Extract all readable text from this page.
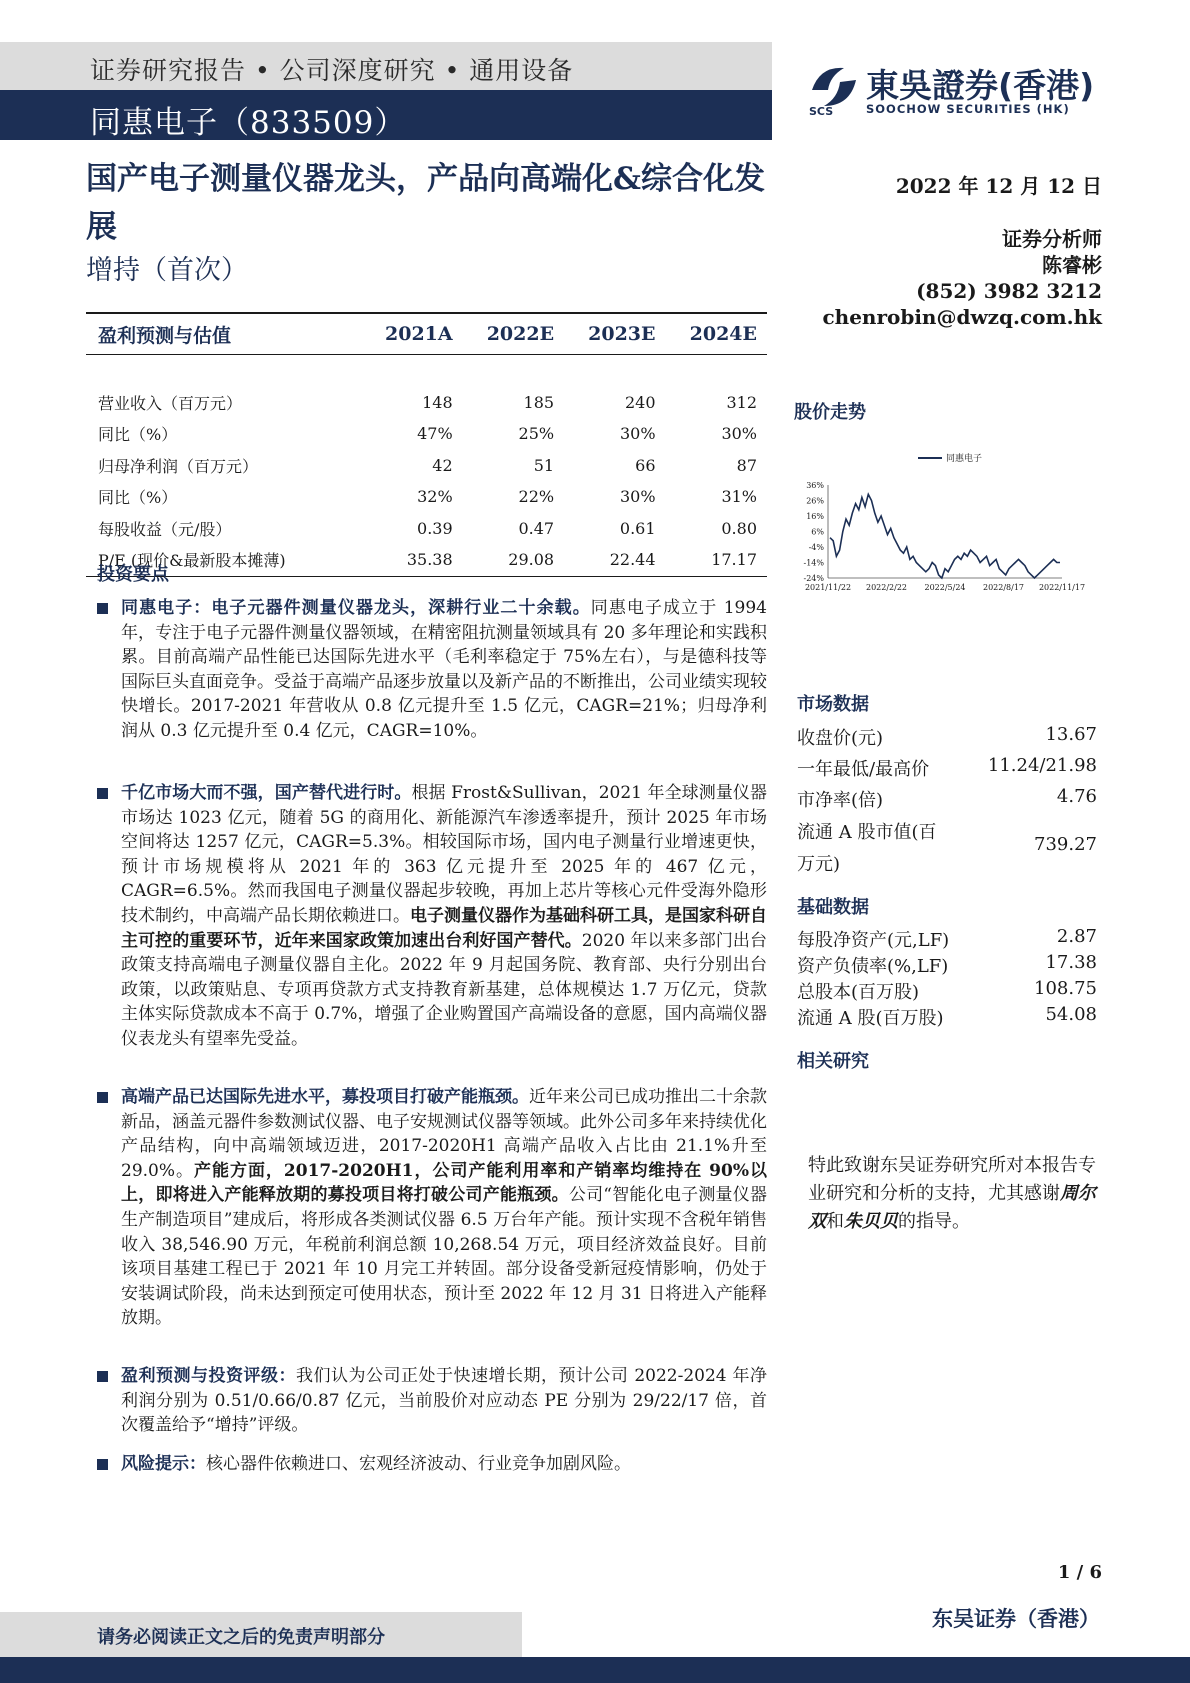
证券研究报告 • 公司深度研究 • 通用设备
同惠电子（833509）	SCS
東吳證券(香港)
SOOCHOW SECURITIES (HK)
国产电子测量仪器龙头，产品向高端化&综合化发展
增持（首次）
2022 年 12 月 12 日
证券分析师
陈睿彬
(852) 3982 3212
chenrobin@dwzq.com.hk
盈利预测与估值	2021A	2022E	2023E	2024E

营业收入（百万元）	148	185	240	312
同比（%）	47%	25%	30%	30%
归母净利润（百万元）	42	51	66	87
同比（%）	32%	22%	30%	31%
每股收益（元/股）	0.39	0.47	0.61	0.80
P/E (现价&最新股本摊薄)	35.38	29.08	22.44	17.17
投资要点
同惠电子：电子元器件测量仪器龙头，深耕行业二十余载。同惠电子成立于 1994 年，专注于电子元器件测量仪器领域，在精密阻抗测量领域具有 20 多年理论和实践积累。目前高端产品性能已达国际先进水平（毛利率稳定于 75%左右），与是德科技等国际巨头直面竞争。受益于高端产品逐步放量以及新产品的不断推出，公司业绩实现较快增长。2017-2021 年营收从 0.8 亿元提升至 1.5 亿元，CAGR=21%；归母净利润从 0.3 亿元提升至 0.4 亿元，CAGR=10%。
千亿市场大而不强，国产替代进行时。根据 Frost&Sullivan，2021 年全球测量仪器市场达 1023 亿元，随着 5G 的商用化、新能源汽车渗透率提升，预计 2025 年市场空间将达 1257 亿元，CAGR=5.3%。相较国际市场，国内电子测量行业增速更快，预计市场规模将从 2021 年的 363 亿元提升至 2025 年的 467 亿元，CAGR=6.5%。然而我国电子测量仪器起步较晚，再加上芯片等核心元件受海外隐形技术制约，中高端产品长期依赖进口。电子测量仪器作为基础科研工具，是国家科研自主可控的重要环节，近年来国家政策加速出台利好国产替代。2020 年以来多部门出台政策支持高端电子测量仪器自主化。2022 年 9 月起国务院、教育部、央行分别出台政策，以政策贴息、专项再贷款方式支持教育新基建，总体规模达 1.7 万亿元，贷款主体实际贷款成本不高于 0.7%，增强了企业购置国产高端设备的意愿，国内高端仪器仪表龙头有望率先受益。
高端产品已达国际先进水平，募投项目打破产能瓶颈。近年来公司已成功推出二十余款新品，涵盖元器件参数测试仪器、电子安规测试仪器等领域。此外公司多年来持续优化产品结构，向中高端领域迈进，2017-2020H1 高端产品收入占比由 21.1%升至 29.0%。产能方面，2017-2020H1，公司产能利用率和产销率均维持在 90%以上，即将进入产能释放期的募投项目将打破公司产能瓶颈。公司“智能化电子测量仪器生产制造项目”建成后，将形成各类测试仪器 6.5 万台年产能。预计实现不含税年销售收入 38,546.90 万元，年税前利润总额 10,268.54 万元，项目经济效益良好。目前该项目基建工程已于 2021 年 10 月完工并转固。部分设备受新冠疫情影响，仍处于安装调试阶段，尚未达到预定可使用状态，预计至 2022 年 12 月 31 日将进入产能释放期。
盈利预测与投资评级：我们认为公司正处于快速增长期，预计公司 2022-2024 年净利润分别为 0.51/0.66/0.87 亿元，当前股价对应动态 PE 分别为 29/22/17 倍，首次覆盖给予“增持”评级。
风险提示：核心器件依赖进口、宏观经济波动、行业竞争加剧风险。
股价走势
同惠电子
36%
26%
16%
6%
-4%
-14%
-24%
2021/11/22 2022/2/22 2022/5/24 2022/8/17 2022/11/17
市场数据
收盘价(元)	13.67
一年最低/最高价	11.24/21.98
市净率(倍)	4.76
流通 A 股市值(百
万元)
739.27
基础数据
每股净资产(元,LF)	2.87
资产负债率(%,LF)	17.38
总股本(百万股)	108.75
流通 A 股(百万股)	54.08
相关研究
特此致谢东吴证券研究所对本报告专业研究和分析的支持，尤其感谢周尔双和朱贝贝的指导。
1 / 6
请务必阅读正文之后的免责声明部分
东吴证券（香港）
